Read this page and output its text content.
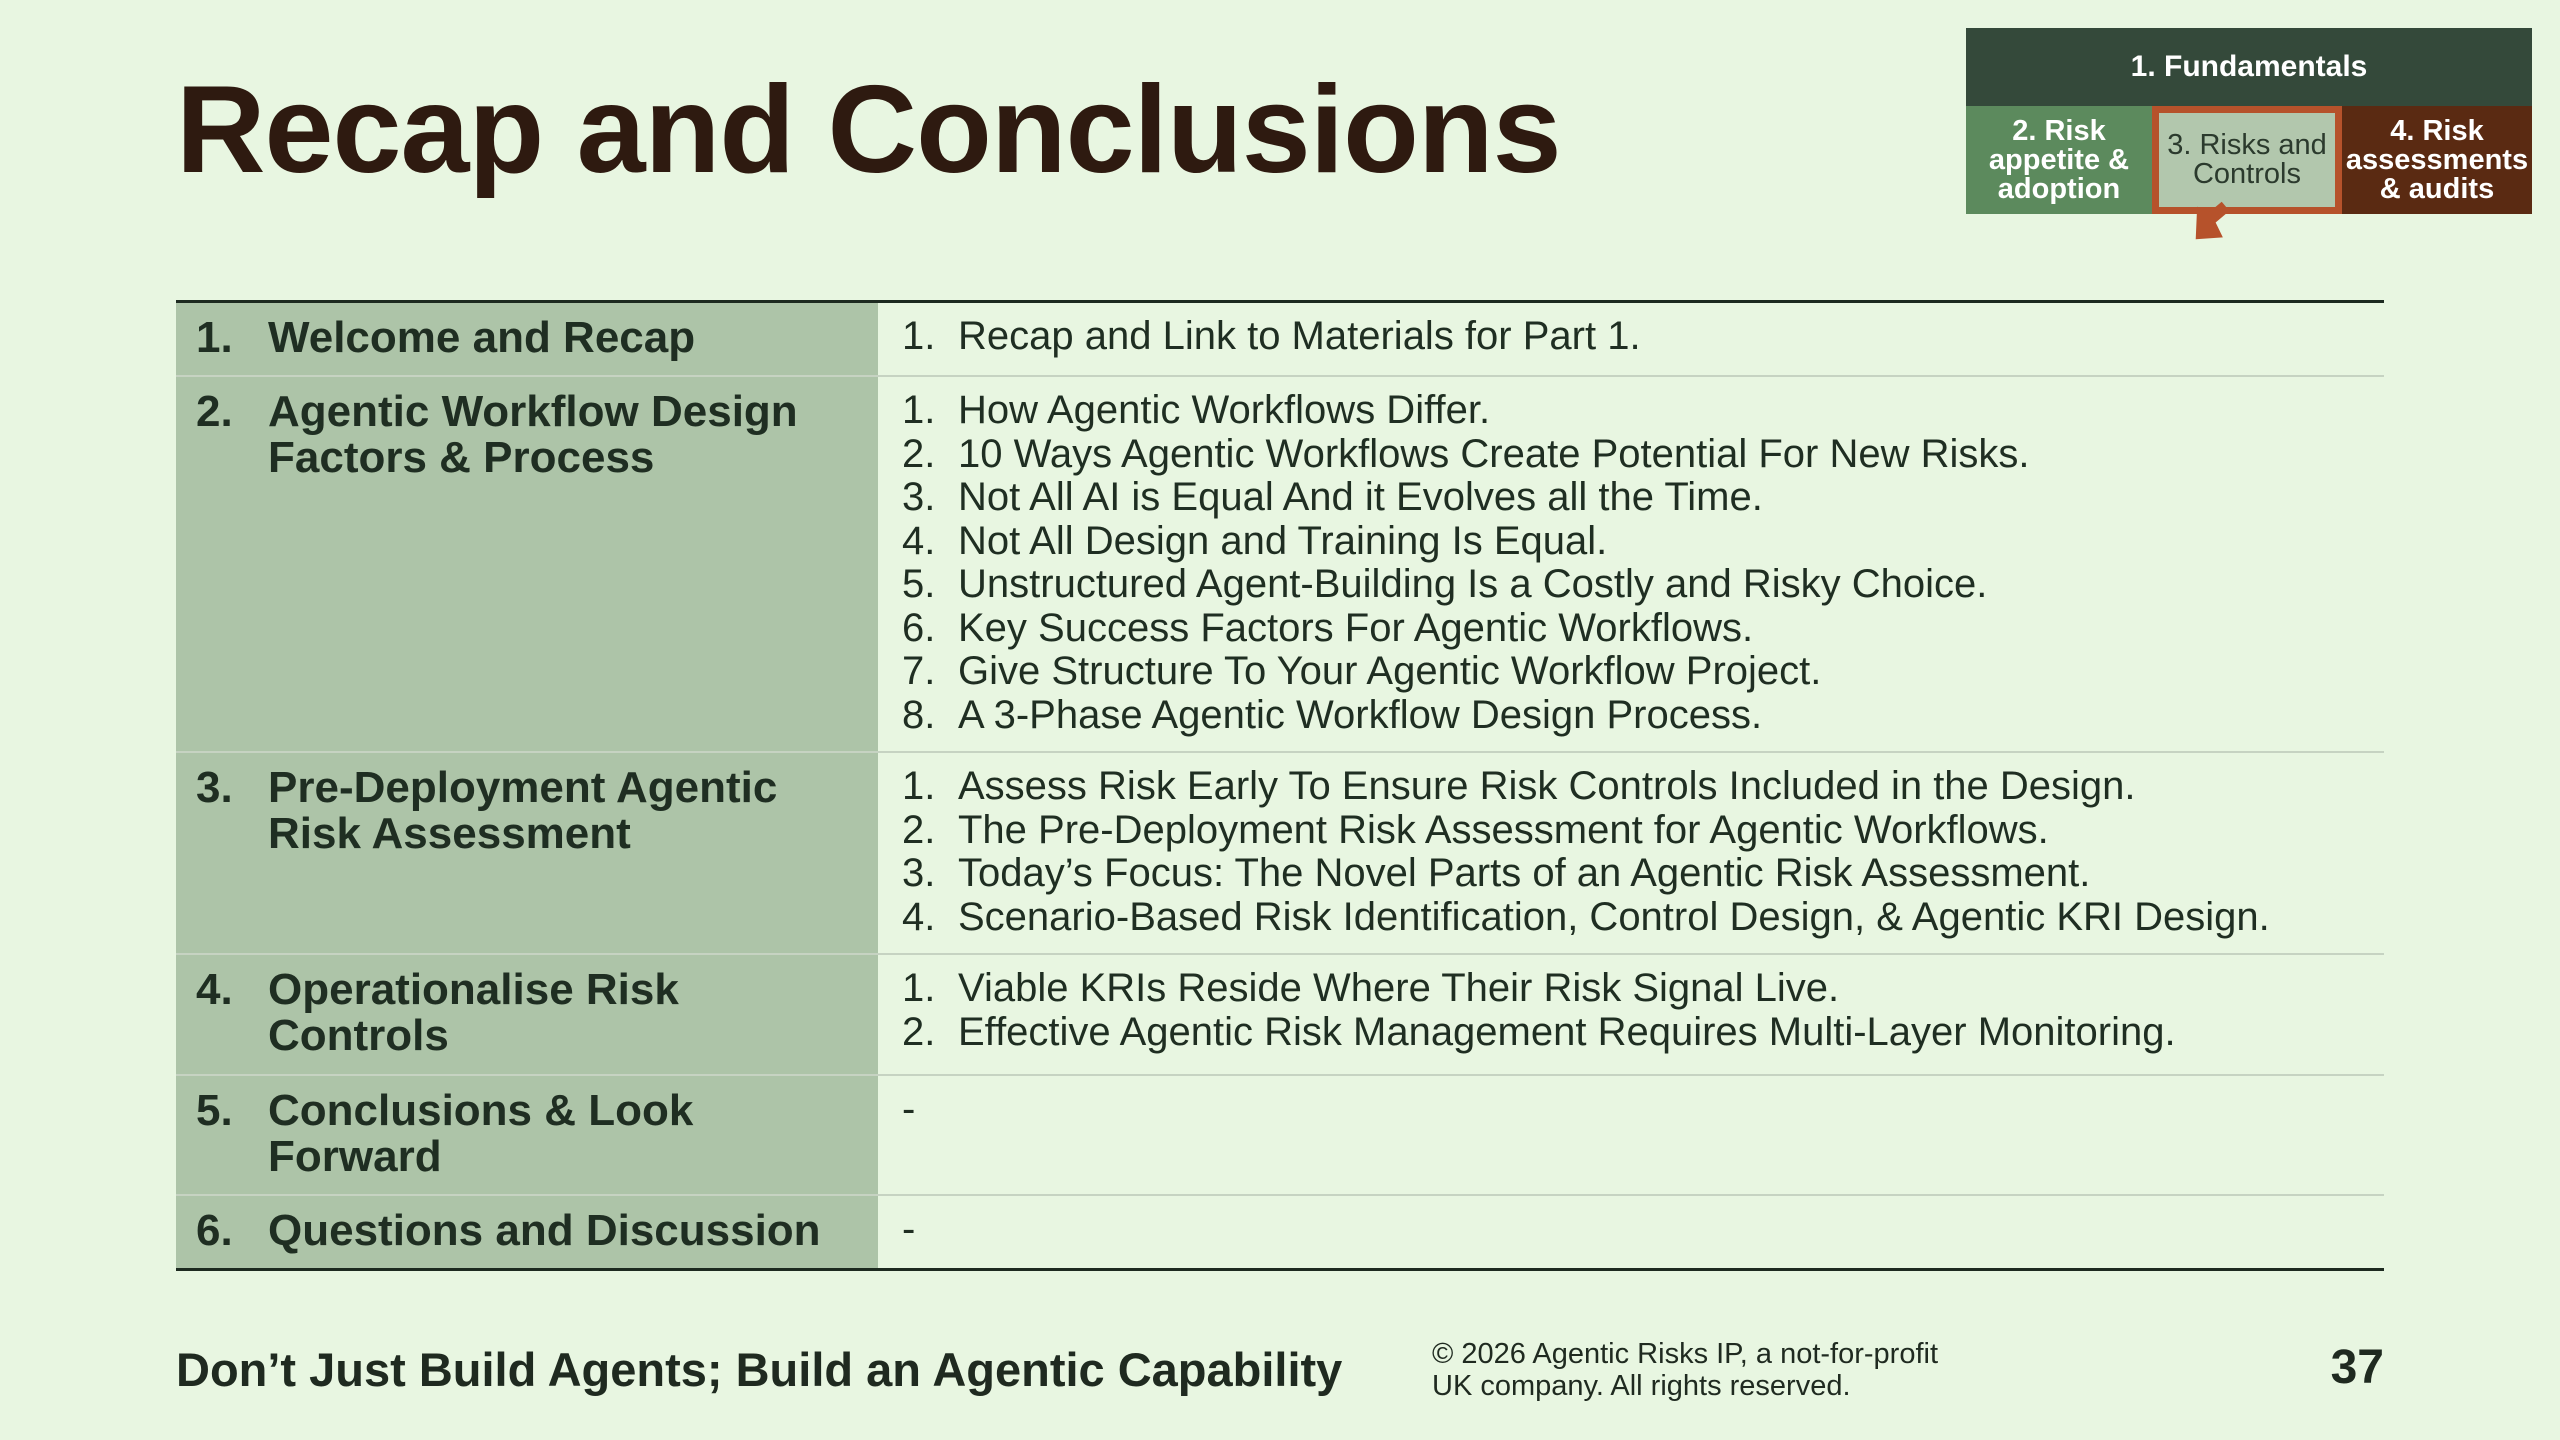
Recap and Conclusions	1. Fundamentals
2. Risk
appetite &
adoption
3. Risks and
Controls
4. Risk
assessments
& audits
1. Welcome and Recap	1. Recap and Link to Materials for Part 1.
2. Agentic Workflow Design Factors & Process
1. How Agentic Workflows Differ.
2. 10 Ways Agentic Workflows Create Potential For New Risks.
3. Not All AI is Equal And it Evolves all the Time.
4. Not All Design and Training Is Equal.
5. Unstructured Agent-Building Is a Costly and Risky Choice.
6. Key Success Factors For Agentic Workflows.
7. Give Structure To Your Agentic Workflow Project.
8. A 3-Phase Agentic Workflow Design Process.
3. Pre-Deployment Agentic Risk Assessment
1. Assess Risk Early To Ensure Risk Controls Included in the Design.
2. The Pre-Deployment Risk Assessment for Agentic Workflows.
3. Today’s Focus: The Novel Parts of an Agentic Risk Assessment.
4. Scenario-Based Risk Identification, Control Design, & Agentic KRI Design.
4. Operationalise Risk Controls
1. Viable KRIs Reside Where Their Risk Signal Live.
2. Effective Agentic Risk Management Requires Multi-Layer Monitoring.
5. Conclusions & Look Forward
-
6. Questions and Discussion	-
Don’t Just Build Agents; Build an Agentic Capability	© 2026 Agentic Risks IP, a not-for-profit
UK company. All rights reserved.	37
